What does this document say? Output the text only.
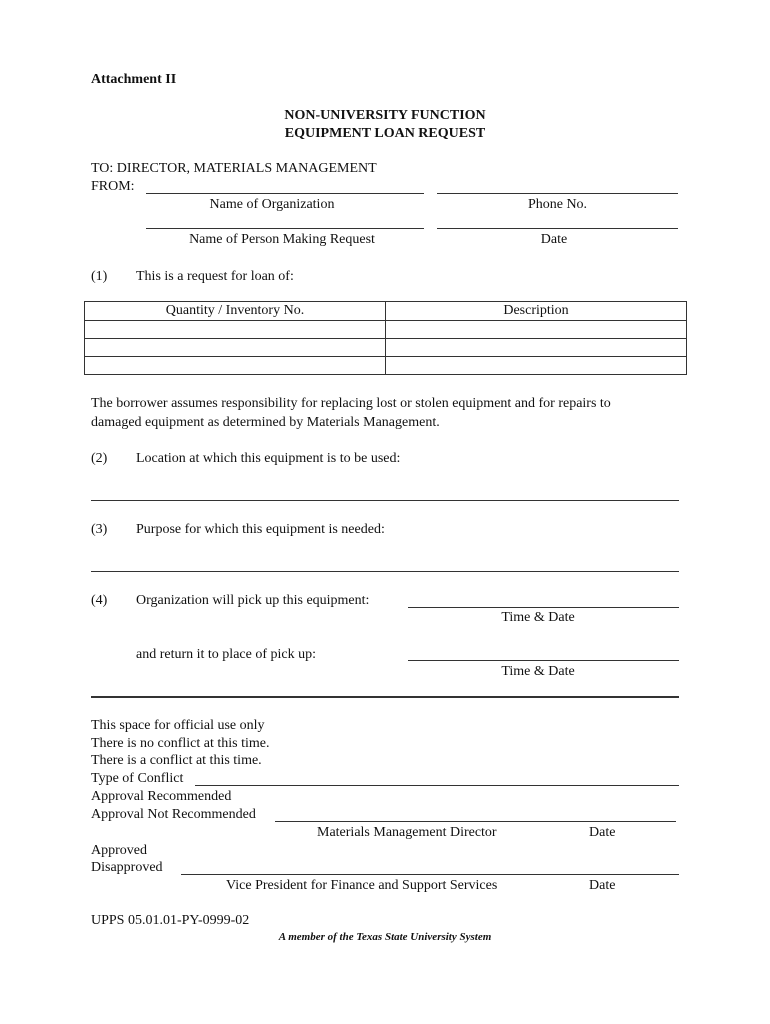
Attachment II
NON-UNIVERSITY FUNCTION
EQUIPMENT LOAN REQUEST
TO: DIRECTOR, MATERIALS MANAGEMENT
FROM:
Name of Organization	Phone No.
Name of Person Making Request	Date
(1) This is a request for loan of:
Quantity / Inventory No.	Description

The borrower assumes responsibility for replacing lost or stolen equipment and for repairs to
damaged equipment as determined by Materials Management.
(2) Location at which this equipment is to be used:
(3) Purpose for which this equipment is needed:
(4) Organization will pick up this equipment:
Time & Date
and return it to place of pick up:
Time & Date
This space for official use only
There is no conflict at this time.
There is a conflict at this time.
Type of Conflict
Approval Recommended
Approval Not Recommended
Materials Management Director	Date
Approved
Disapproved
Vice President for Finance and Support Services	Date
UPPS 05.01.01-PY-0999-02
A member of the Texas State University System
